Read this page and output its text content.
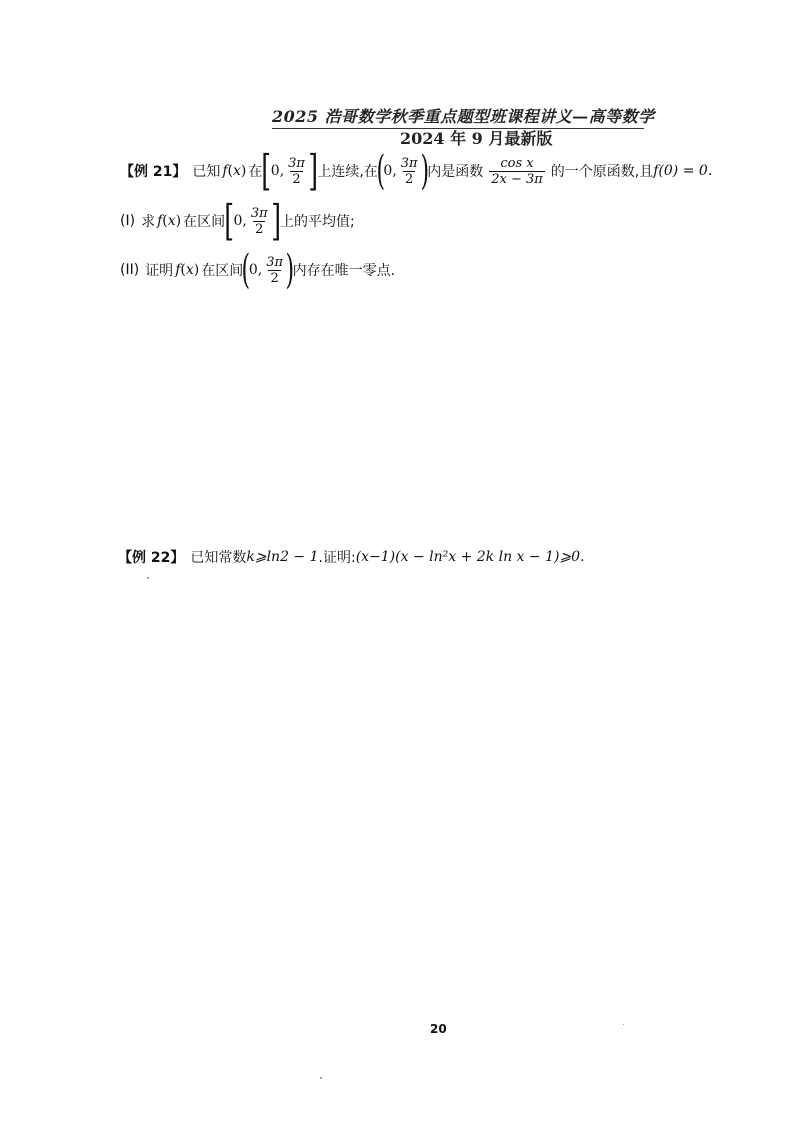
2025 浩哥数学秋季重点题型班课程讲义—高等数学
2024 年 9 月最新版
【例 21】 已知 f ( x ) 在 [ 0, $\frac{3\pi}{2}$ ] 上连续,在
(
0, $\frac{3\pi}{2}$ )
内是函数 $\frac{\text{cos x}}{2x - 3\pi}$ 的一个原函数,且 f(0) = 0 .
(I) 求 f ( x ) 在区间 [ 0, $\frac{3\pi}{2}$ ] 上的平均值;
(II) 证明 f ( x ) 在区间
(
0, $\frac{3\pi}{2}$ )
内存在唯一零点.
【例 22】 已知常数 k⩾ln2 − 1 .证明: (x−1)(x − ln²x + 2k ln x − 1)⩾0 .
20
